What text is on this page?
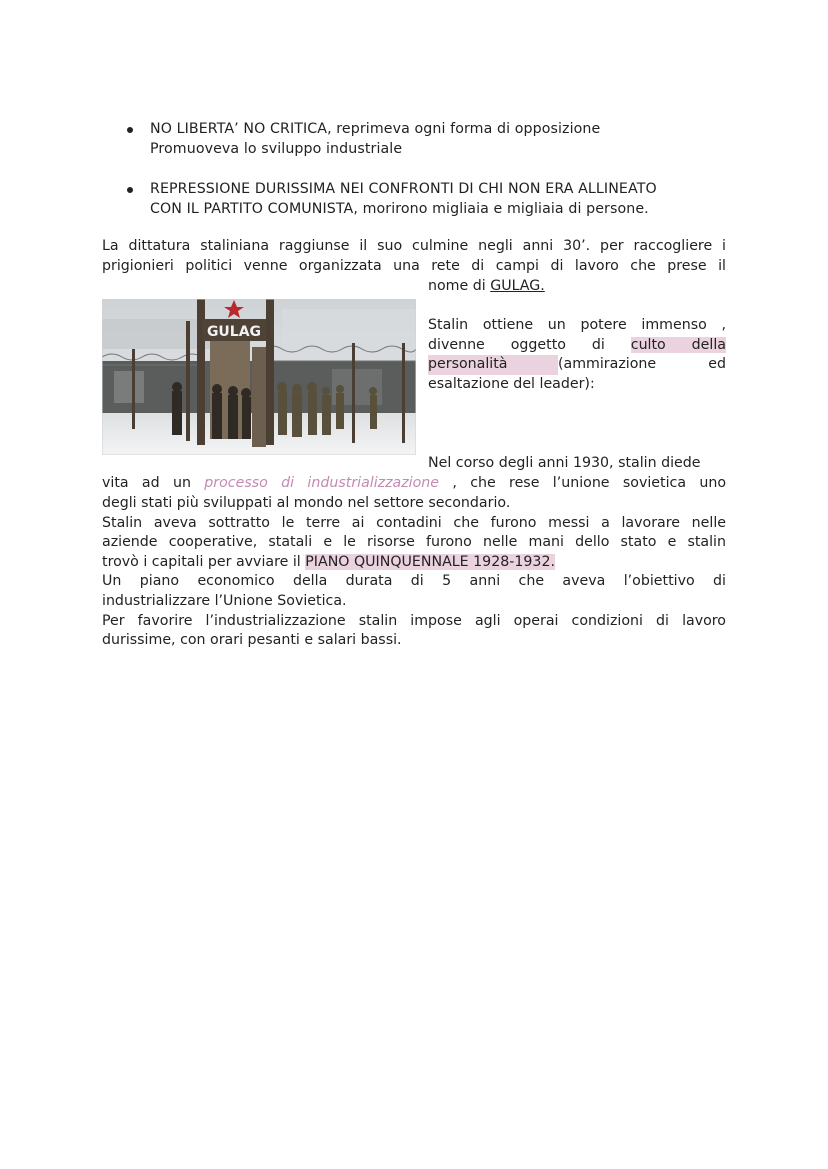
NO LIBERTA’ NO CRITICA, reprimeva ogni forma di opposizione
Promuoveva lo sviluppo industriale
REPRESSIONE DURISSIMA NEI CONFRONTI DI CHI NON ERA ALLINEATO
CON IL PARTITO COMUNISTA, morirono migliaia e migliaia di persone.
La dittatura staliniana raggiunse il suo culmine negli anni 30’. per raccogliere i
prigionieri politici venne organizzata una rete di campi di lavoro che prese il
nome di GULAG.
GULAG	Stalin ottiene un potere immenso ,
divenne oggetto di culto della
personalità	(ammirazione ed
esaltazione del leader):
Nel corso degli anni 1930, stalin diede
vita ad un processo di industrializzazione , che rese l’unione sovietica uno
degli stati più sviluppati al mondo nel settore secondario.
Stalin aveva sottratto le terre ai contadini che furono messi a lavorare nelle
aziende cooperative, statali e le risorse furono nelle mani dello stato e stalin
trovò i capitali per avviare il PIANO QUINQUENNALE 1928-1932.
Un piano economico della durata di 5 anni che aveva l’obiettivo di
industrializzare l’Unione Sovietica.
Per favorire l’industrializzazione stalin impose agli operai condizioni di lavoro
durissime, con orari pesanti e salari bassi.
